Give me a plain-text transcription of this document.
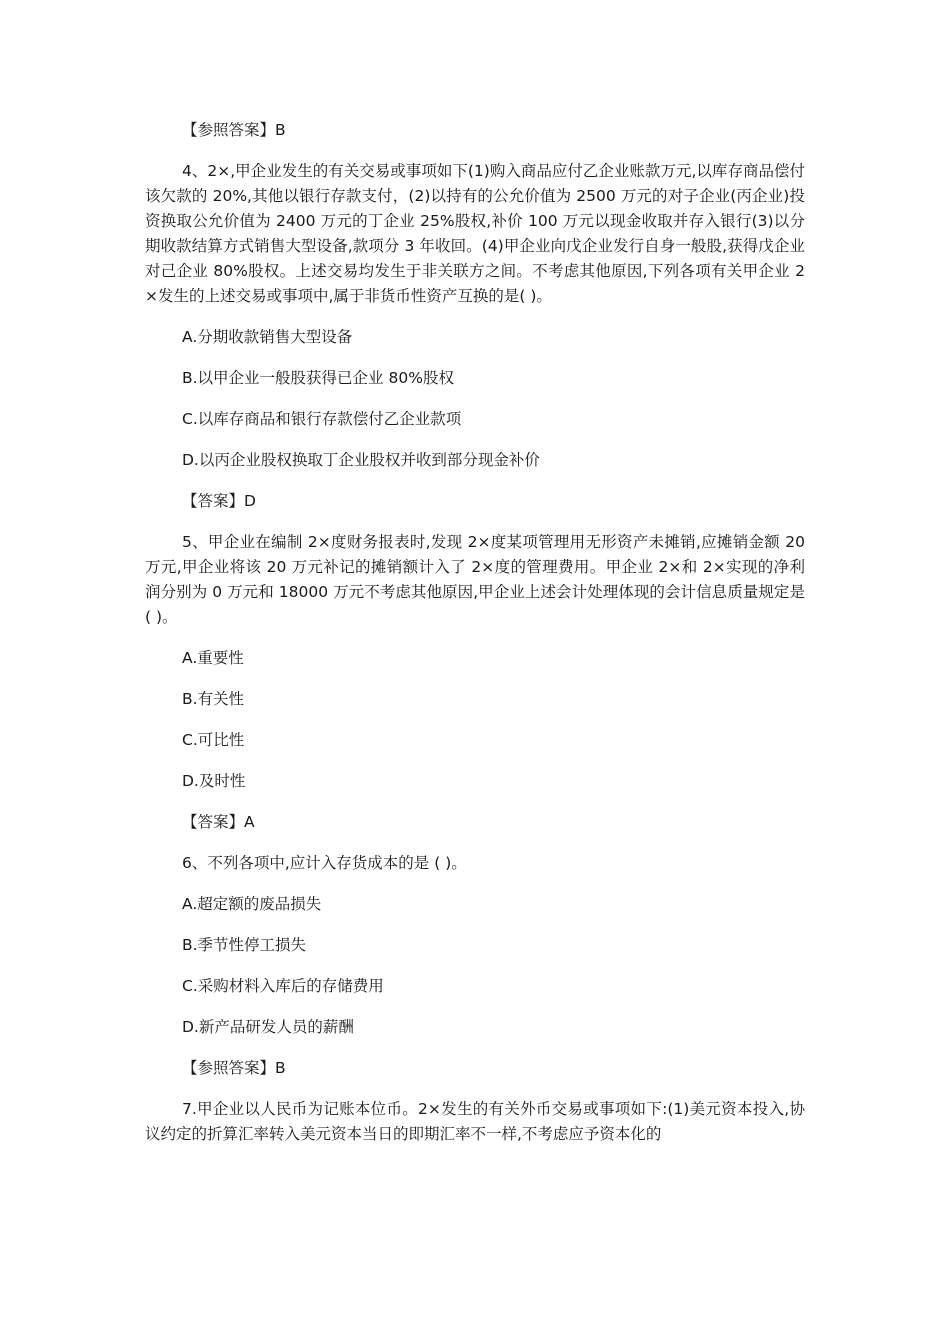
【参照答案】B

4、2×,甲企业发生的有关交易或事项如下(1)购入商品应付乙企业账款万元,以库存商品偿付该欠款的 20%,其他以银行存款支付，(2)以持有的公允价值为 2500 万元的对子企业(丙企业)投资换取公允价值为 2400 万元的丁企业 25%股权,补价 100 万元以现金收取并存入银行(3)以分期收款结算方式销售大型设备,款项分 3 年收回。(4)甲企业向戊企业发行自身一般股,获得戊企业对己企业 80%股权。上述交易均发生于非关联方之间。不考虑其他原因,下列各项有关甲企业 2×发生的上述交易或事项中,属于非货币性资产互换的是( )。

A.分期收款销售大型设备

B.以甲企业一般股获得已企业 80%股权

C.以库存商品和银行存款偿付乙企业款项

D.以丙企业股权换取丁企业股权并收到部分现金补价

【答案】D

5、甲企业在编制 2×度财务报表时,发现 2×度某项管理用无形资产未摊销,应摊销金额 20 万元,甲企业将该 20 万元补记的摊销额计入了 2×度的管理费用。甲企业 2×和 2×实现的净利润分别为 0 万元和 18000 万元不考虑其他原因,甲企业上述会计处理体现的会计信息质量规定是( )。

A.重要性

B.有关性

C.可比性

D.及时性

【答案】A

6、不列各项中,应计入存货成本的是 ( )。

A.超定额的废品损失

B.季节性停工损失

C.采购材料入库后的存储费用

D.新产品研发人员的薪酬

【参照答案】B

7.甲企业以人民币为记账本位币。2×发生的有关外币交易或事项如下:(1)美元资本投入,协议约定的折算汇率转入美元资本当日的即期汇率不一样,不考虑应予资本化的
